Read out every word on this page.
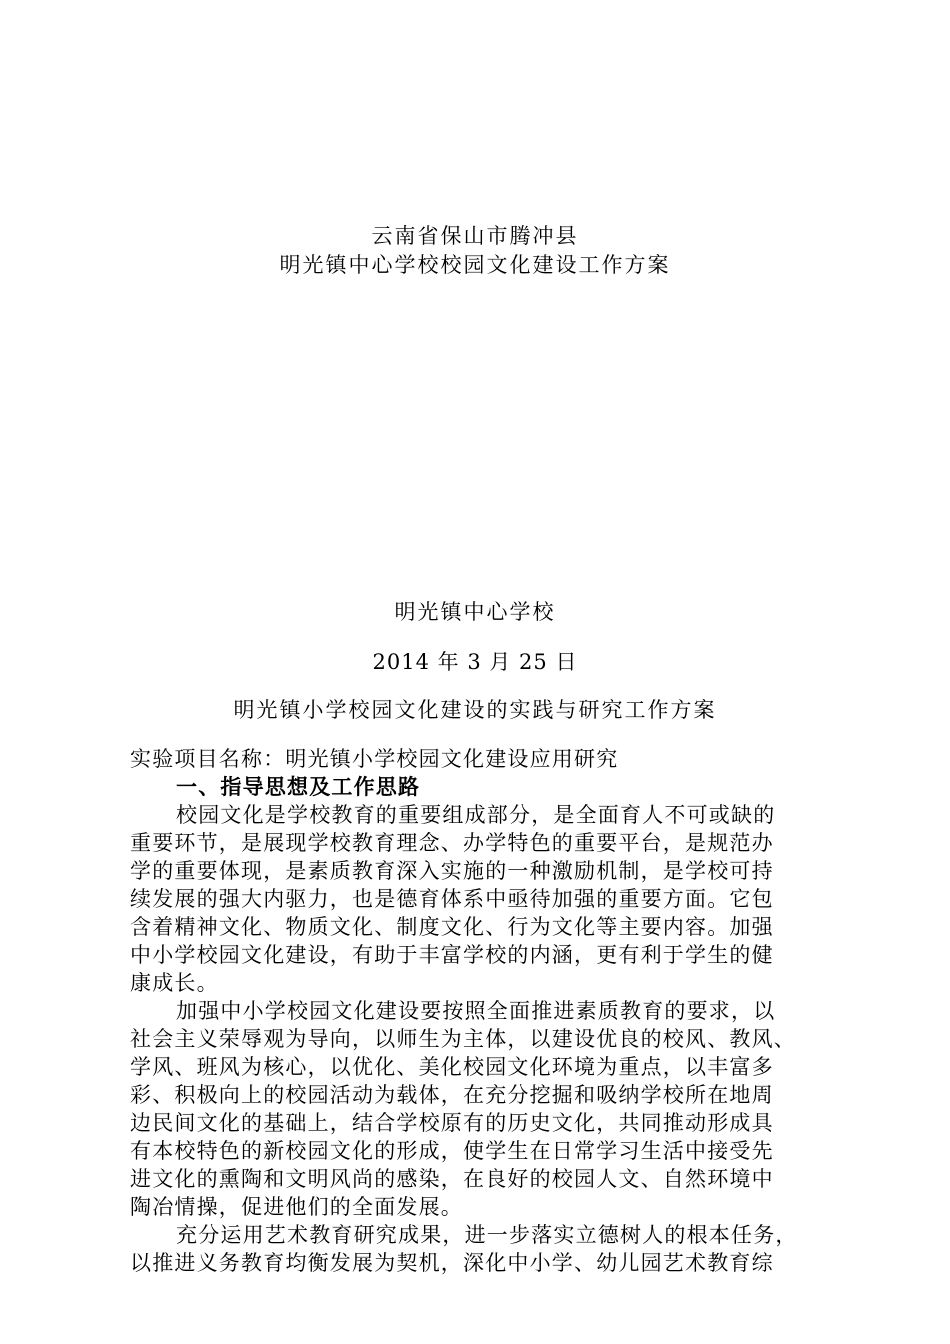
云南省保山市腾冲县
明光镇中心学校校园文化建设工作方案
明光镇中心学校
2014 年 3 月 25 日
明光镇小学校园文化建设的实践与研究工作方案
实验项目名称：明光镇小学校园文化建设应用研究
一、指导思想及工作思路
校园文化是学校教育的重要组成部分，是全面育人不可或缺的
重要环节，是展现学校教育理念、办学特色的重要平台，是规范办
学的重要体现，是素质教育深入实施的一种激励机制，是学校可持
续发展的强大内驱力，也是德育体系中亟待加强的重要方面。它包
含着精神文化、物质文化、制度文化、行为文化等主要内容。加强
中小学校园文化建设，有助于丰富学校的内涵，更有利于学生的健
康成长。
加强中小学校园文化建设要按照全面推进素质教育的要求，以
社会主义荣辱观为导向，以师生为主体，以建设优良的校风、教风、
学风、班风为核心，以优化、美化校园文化环境为重点，以丰富多
彩、积极向上的校园活动为载体，在充分挖掘和吸纳学校所在地周
边民间文化的基础上，结合学校原有的历史文化，共同推动形成具
有本校特色的新校园文化的形成，使学生在日常学习生活中接受先
进文化的熏陶和文明风尚的感染，在良好的校园人文、自然环境中
陶冶情操，促进他们的全面发展。
充分运用艺术教育研究成果，进一步落实立德树人的根本任务，
以推进义务教育均衡发展为契机，深化中小学、幼儿园艺术教育综
